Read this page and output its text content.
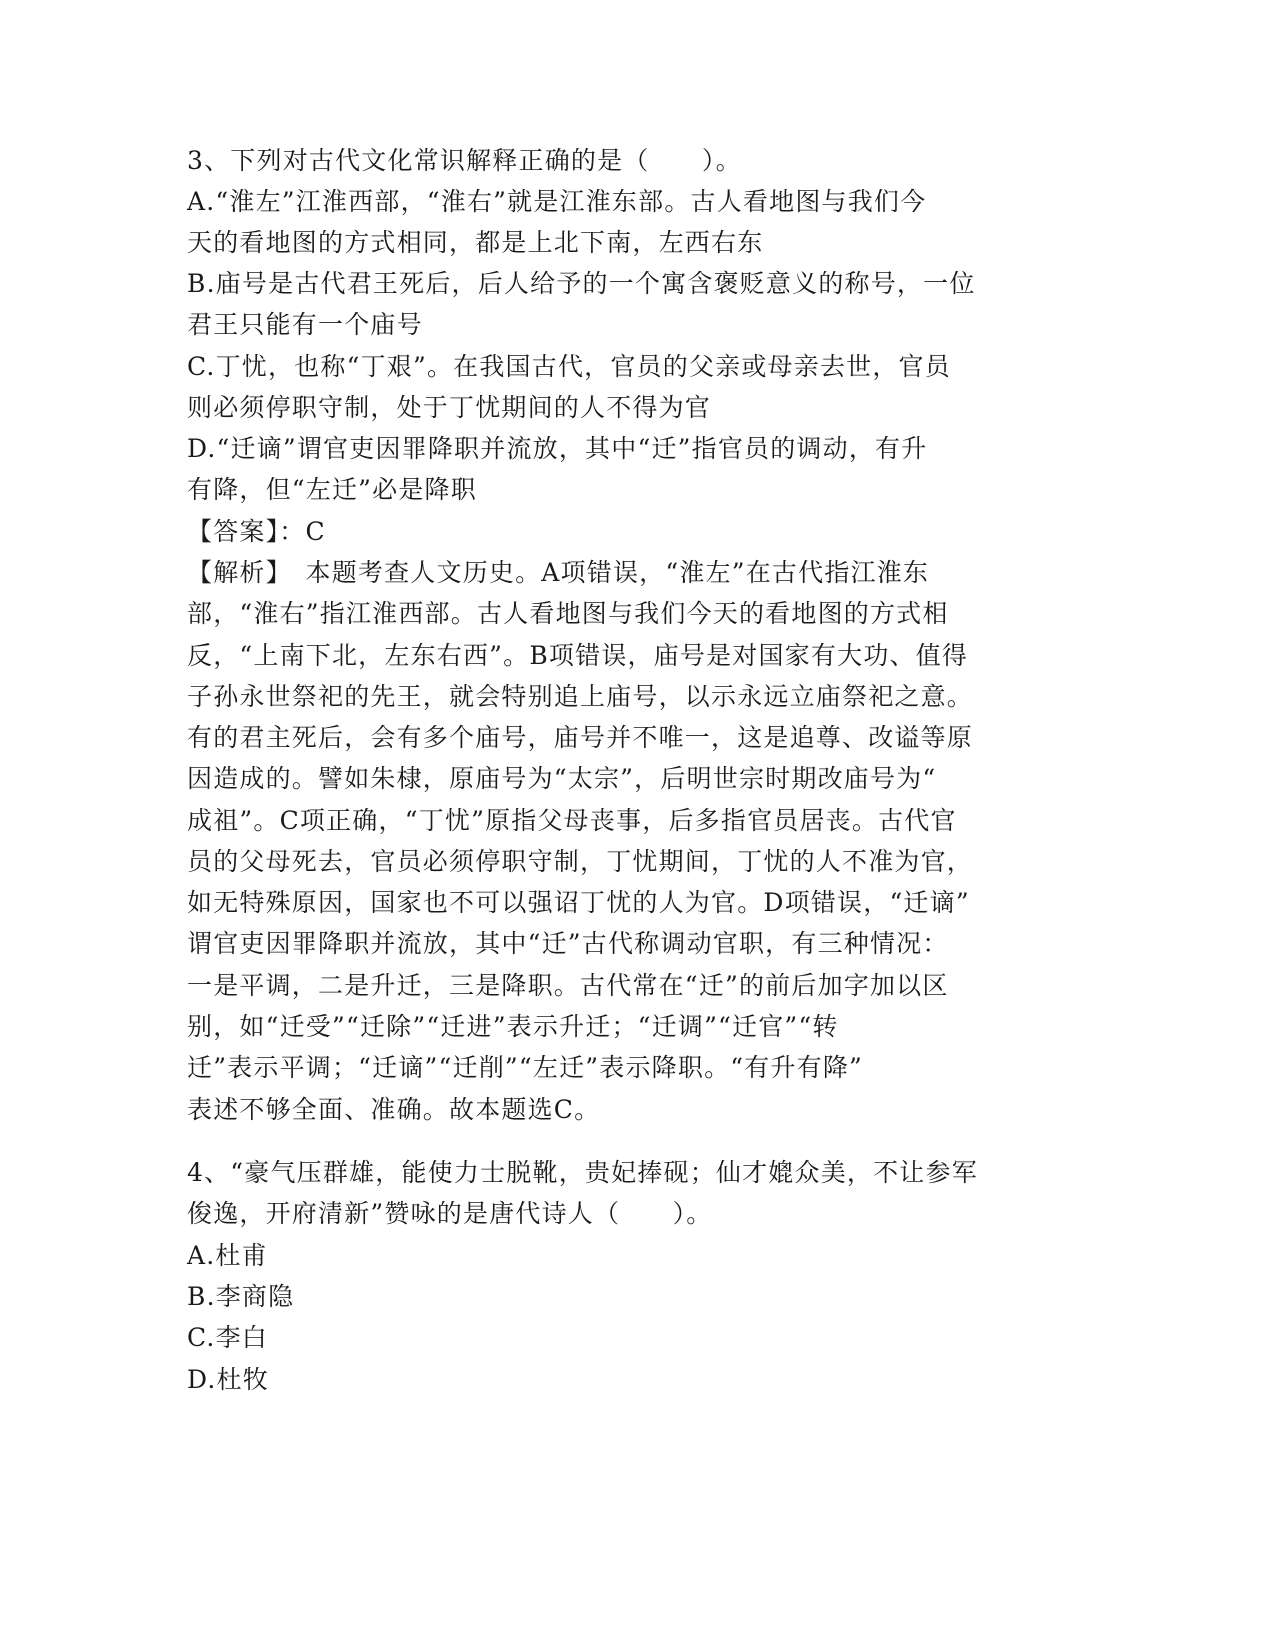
3、下列对古代文化常识解释正确的是（　　）。
A.“淮左”江淮西部，“淮右”就是江淮东部。古人看地图与我们今
天的看地图的方式相同，都是上北下南，左西右东
B.庙号是古代君王死后，后人给予的一个寓含褒贬意义的称号，一位
君王只能有一个庙号
C.丁忧，也称“丁艰”。在我国古代，官员的父亲或母亲去世，官员
则必须停职守制，处于丁忧期间的人不得为官
D.“迁谪”谓官吏因罪降职并流放，其中“迁”指官员的调动，有升
有降，但“左迁”必是降职
【答案】：C
【解析】　本题考查人文历史。A项错误，“淮左”在古代指江淮东
部，“淮右”指江淮西部。古人看地图与我们今天的看地图的方式相
反，“上南下北，左东右西”。B项错误，庙号是对国家有大功、值得
子孙永世祭祀的先王，就会特别追上庙号，以示永远立庙祭祀之意。
有的君主死后，会有多个庙号，庙号并不唯一，这是追尊、改谥等原
因造成的。譬如朱棣，原庙号为“太宗”，后明世宗时期改庙号为“
成祖”。C项正确，“丁忧”原指父母丧事，后多指官员居丧。古代官
员的父母死去，官员必须停职守制，丁忧期间，丁忧的人不准为官，
如无特殊原因，国家也不可以强诏丁忧的人为官。D项错误，“迁谪”
谓官吏因罪降职并流放，其中“迁”古代称调动官职，有三种情况：
一是平调，二是升迁，三是降职。古代常在“迁”的前后加字加以区
别，如“迁受”“迁除”“迁进”表示升迁；“迁调”“迁官”“转
迁”表示平调；“迁谪”“迁削”“左迁”表示降职。“有升有降”
表述不够全面、准确。故本题选C。
4、“豪气压群雄，能使力士脱靴，贵妃捧砚；仙才媲众美，不让参军
俊逸，开府清新”赞咏的是唐代诗人（　　）。
A.杜甫
B.李商隐
C.李白
D.杜牧
